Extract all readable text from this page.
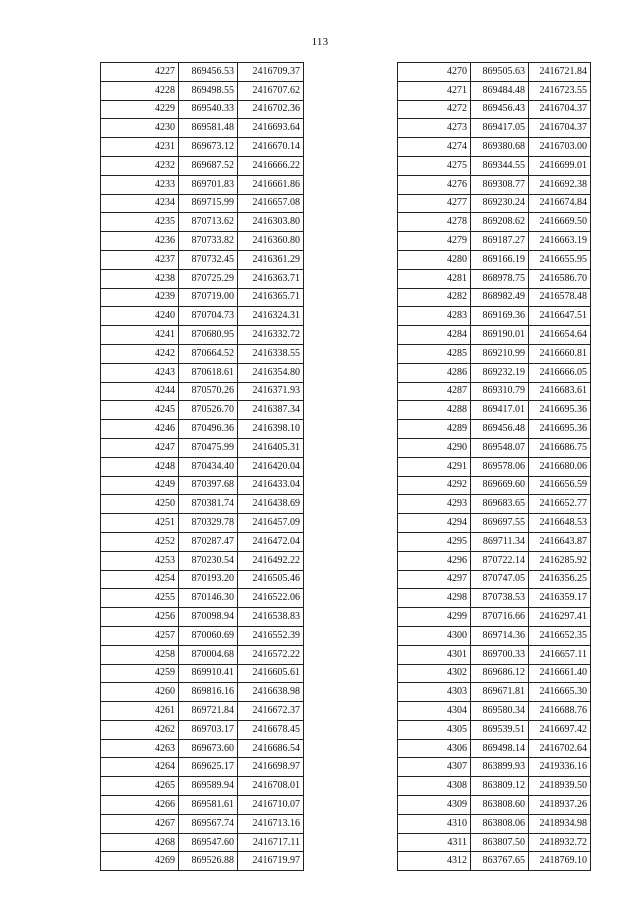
113
4227	869456.53	2416709.37
4228	869498.55	2416707.62
4229	869540.33	2416702.36
4230	869581.48	2416693.64
4231	869673.12	2416670.14
4232	869687.52	2416666.22
4233	869701.83	2416661.86
4234	869715.99	2416657.08
4235	870713.62	2416303.80
4236	870733.82	2416360.80
4237	870732.45	2416361.29
4238	870725.29	2416363.71
4239	870719.00	2416365.71
4240	870704.73	2416324.31
4241	870680.95	2416332.72
4242	870664.52	2416338.55
4243	870618.61	2416354.80
4244	870570.26	2416371.93
4245	870526.70	2416387.34
4246	870496.36	2416398.10
4247	870475.99	2416405.31
4248	870434.40	2416420.04
4249	870397.68	2416433.04
4250	870381.74	2416438.69
4251	870329.78	2416457.09
4252	870287.47	2416472.04
4253	870230.54	2416492.22
4254	870193.20	2416505.46
4255	870146.30	2416522.06
4256	870098.94	2416538.83
4257	870060.69	2416552.39
4258	870004.68	2416572.22
4259	869910.41	2416605.61
4260	869816.16	2416638.98
4261	869721.84	2416672.37
4262	869703.17	2416678.45
4263	869673.60	2416686.54
4264	869625.17	2416698.97
4265	869589.94	2416708.01
4266	869581.61	2416710.07
4267	869567.74	2416713.16
4268	869547.60	2416717.11
4269	869526.88	2416719.97
4270	869505.63	2416721.84
4271	869484.48	2416723.55
4272	869456.43	2416704.37
4273	869417.05	2416704.37
4274	869380.68	2416703.00
4275	869344.55	2416699.01
4276	869308.77	2416692.38
4277	869230.24	2416674.84
4278	869208.62	2416669.50
4279	869187.27	2416663.19
4280	869166.19	2416655.95
4281	868978.75	2416586.70
4282	868982.49	2416578.48
4283	869169.36	2416647.51
4284	869190.01	2416654.64
4285	869210.99	2416660.81
4286	869232.19	2416666.05
4287	869310.79	2416683.61
4288	869417.01	2416695.36
4289	869456.48	2416695.36
4290	869548.07	2416686.75
4291	869578.06	2416680.06
4292	869669.60	2416656.59
4293	869683.65	2416652.77
4294	869697.55	2416648.53
4295	869711.34	2416643.87
4296	870722.14	2416285.92
4297	870747.05	2416356.25
4298	870738.53	2416359.17
4299	870716.66	2416297.41
4300	869714.36	2416652.35
4301	869700.33	2416657.11
4302	869686.12	2416661.40
4303	869671.81	2416665.30
4304	869580.34	2416688.76
4305	869539.51	2416697.42
4306	869498.14	2416702.64
4307	863899.93	2419336.16
4308	863809.12	2418939.50
4309	863808.60	2418937.26
4310	863808.06	2418934.98
4311	863807.50	2418932.72
4312	863767.65	2418769.10
